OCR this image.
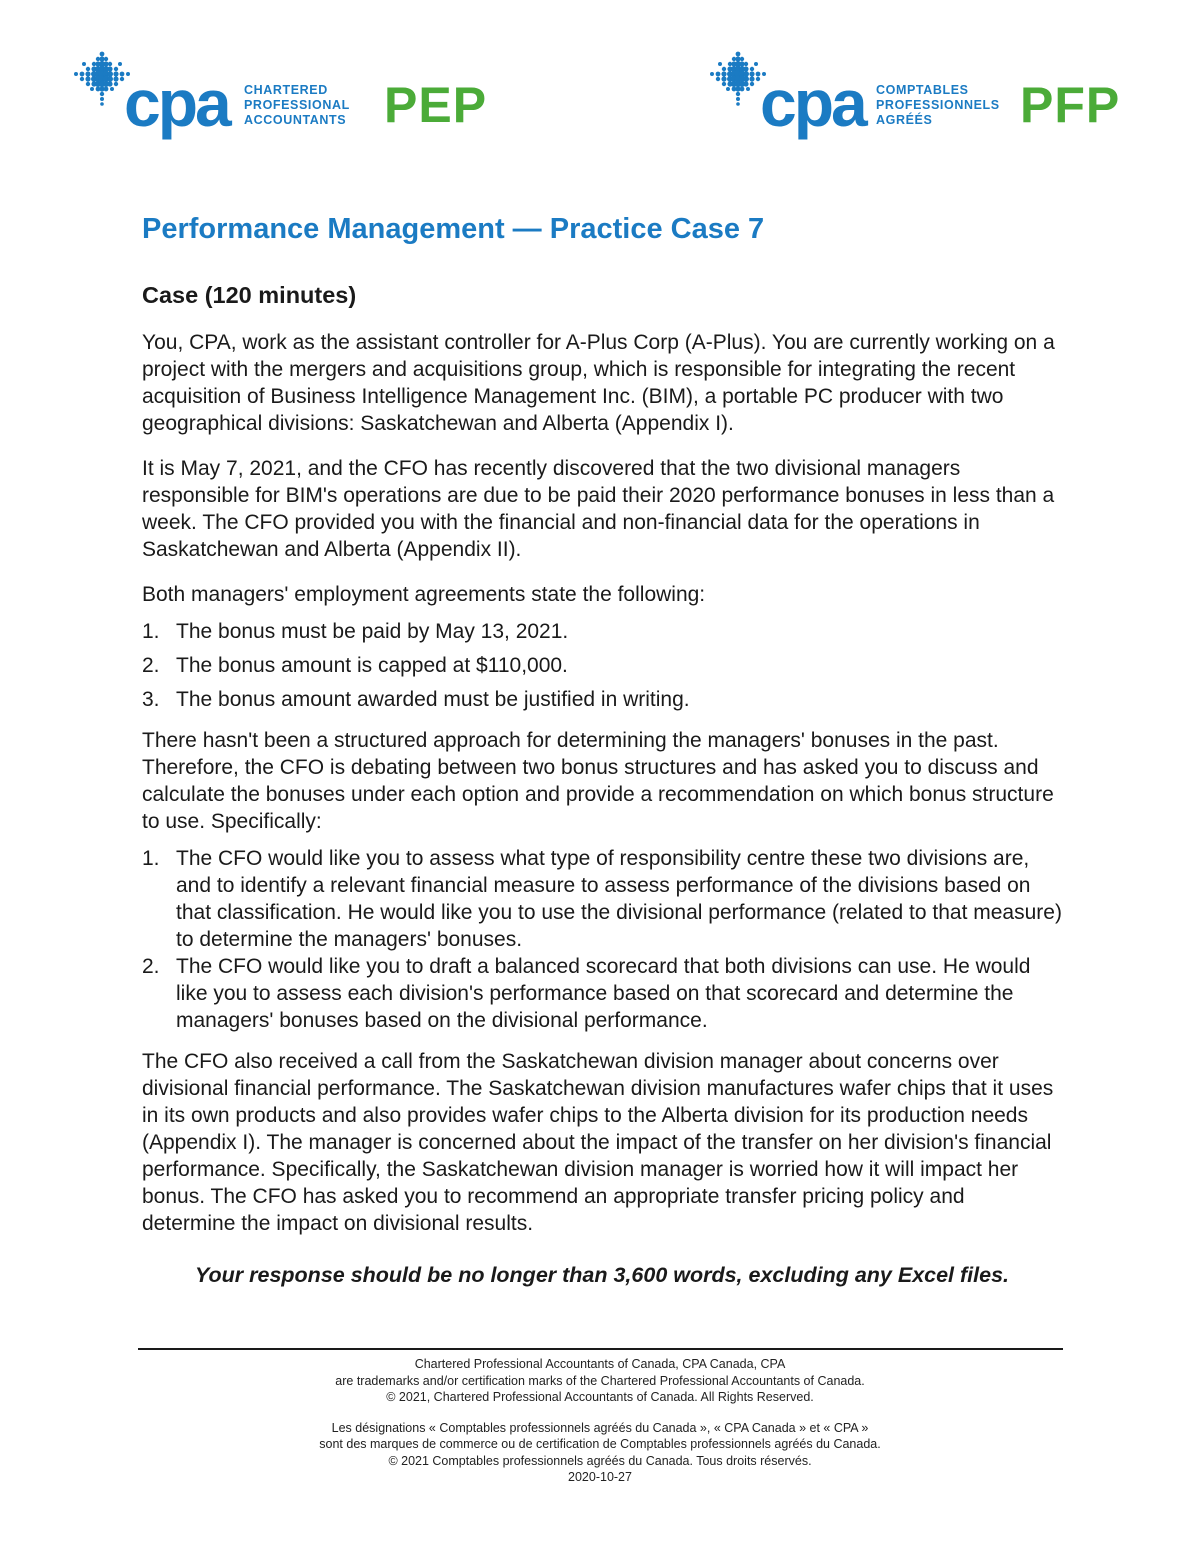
cpa CHARTERED
PROFESSIONAL
ACCOUNTANTS PEP	cpa COMPTABLES
PROFESSIONNELS
AGRÉÉS	PFP
Performance Management — Practice Case 7
Case (120 minutes)

You, CPA, work as the assistant controller for A-Plus Corp (A-Plus). You are currently working on a project with the mergers and acquisitions group, which is responsible for integrating the recent acquisition of Business Intelligence Management Inc. (BIM), a portable PC producer with two geographical divisions: Saskatchewan and Alberta (Appendix I).

It is May 7, 2021, and the CFO has recently discovered that the two divisional managers responsible for BIM's operations are due to be paid their 2020 performance bonuses in less than a week. The CFO provided you with the financial and non-financial data for the operations in Saskatchewan and Alberta (Appendix II).

Both managers' employment agreements state the following:

1. The bonus must be paid by May 13, 2021.
2. The bonus amount is capped at $110,000.
3. The bonus amount awarded must be justified in writing.

There hasn't been a structured approach for determining the managers' bonuses in the past. Therefore, the CFO is debating between two bonus structures and has asked you to discuss and calculate the bonuses under each option and provide a recommendation on which bonus structure to use. Specifically:

1. The CFO would like you to assess what type of responsibility centre these two divisions are, and to identify a relevant financial measure to assess performance of the divisions based on that classification. He would like you to use the divisional performance (related to that measure) to determine the managers' bonuses.
2. The CFO would like you to draft a balanced scorecard that both divisions can use. He would like you to assess each division's performance based on that scorecard and determine the managers' bonuses based on the divisional performance.

The CFO also received a call from the Saskatchewan division manager about concerns over divisional financial performance. The Saskatchewan division manufactures wafer chips that it uses in its own products and also provides wafer chips to the Alberta division for its production needs (Appendix I). The manager is concerned about the impact of the transfer on her division's financial performance. Specifically, the Saskatchewan division manager is worried how it will impact her bonus. The CFO has asked you to recommend an appropriate transfer pricing policy and determine the impact on divisional results.

Your response should be no longer than 3,600 words, excluding any Excel files.
Chartered Professional Accountants of Canada, CPA Canada, CPA
are trademarks and/or certification marks of the Chartered Professional Accountants of Canada.
© 2021, Chartered Professional Accountants of Canada. All Rights Reserved.
Les désignations « Comptables professionnels agréés du Canada », « CPA Canada » et « CPA »
sont des marques de commerce ou de certification de Comptables professionnels agréés du Canada.
© 2021 Comptables professionnels agréés du Canada. Tous droits réservés.
2020-10-27
